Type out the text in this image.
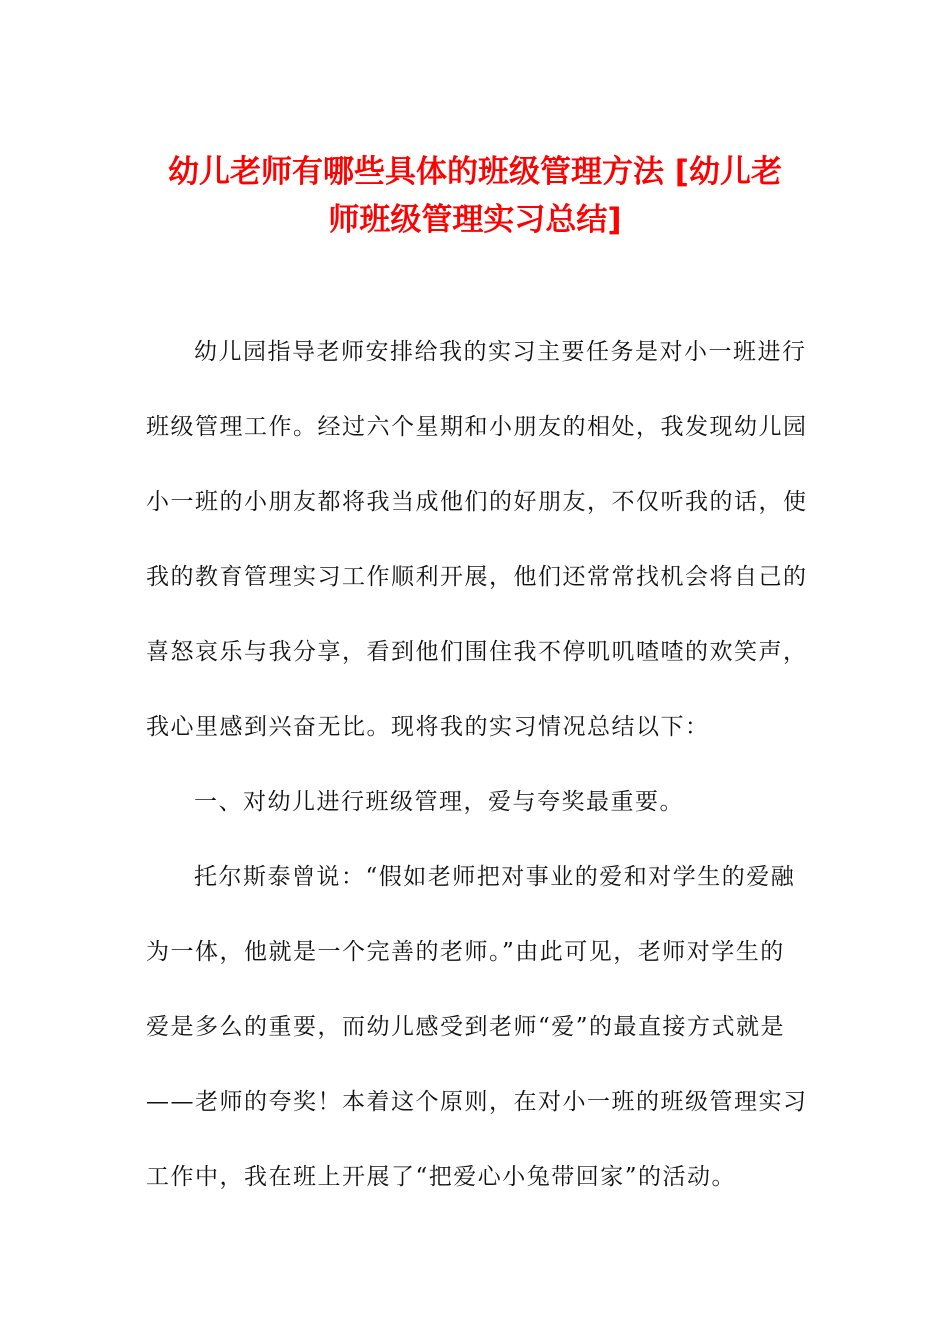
幼儿老师有哪些具体的班级管理方法 [幼儿老
师班级管理实习总结]
幼儿园指导老师安排给我的实习主要任务是对小一班进行
班级管理工作。经过六个星期和小朋友的相处，我发现幼儿园
小一班的小朋友都将我当成他们的好朋友，不仅听我的话，使
我的教育管理实习工作顺利开展，他们还常常找机会将自己的
喜怒哀乐与我分享，看到他们围住我不停叽叽喳喳的欢笑声，
我心里感到兴奋无比。现将我的实习情况总结以下：
一、对幼儿进行班级管理，爱与夸奖最重要。
托尔斯泰曾说：“假如老师把对事业的爱和对学生的爱融
为一体，他就是一个完善的老师。”由此可见，老师对学生的
爱是多么的重要，而幼儿感受到老师“爱”的最直接方式就是
——老师的夸奖！本着这个原则，在对小一班的班级管理实习
工作中，我在班上开展了“把爱心小兔带回家”的活动。
